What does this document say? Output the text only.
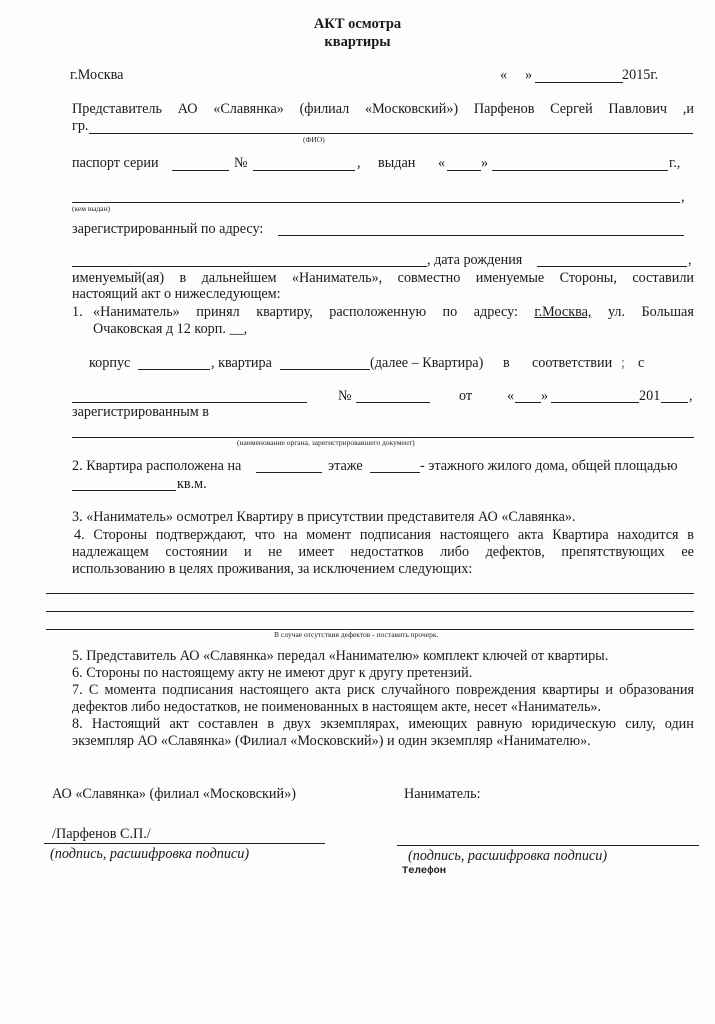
АКТ осмотра
квартиры
г.Москва	« »	2015г.
Представитель АО «Славянка» (филиал «Московский») Парфенов Сергей Павлович ,и
гр.
(ФИО)
паспорт серии	№	, выдан «	»	г.,
,
(кем выдан)
зарегистрированный по адресу:
, дата рождения	,
именуемый(ая) в дальнейшем «Наниматель», совместно именуемые Стороны, составили
настоящий акт о нижеследующем:
1. «Наниматель» принял квартиру, расположенную по адресу: г.Москва, ул. Большая
Очаковская д 12 корп. __,
корпус	, квартира	(далее – Квартира) в соответствии ; с
№	от « »	201 ,
зарегистрированным в
(наименование органа, зарегистрировавшего документ)
2. Квартира расположена на	этаже	- этажного жилого дома, общей площадью
кв.м.
3. «Наниматель» осмотрел Квартиру в присутствии представителя АО «Славянка».
4. Стороны подтверждают, что на момент подписания настоящего акта Квартира находится в
надлежащем состоянии и не имеет недостатков либо дефектов, препятствующих ее
использованию в целях проживания, за исключением следующих:
В случае отсутствия дефектов - поставить прочерк.
5. Представитель АО «Славянка» передал «Нанимателю» комплект ключей от квартиры.
6. Стороны по настоящему акту не имеют друг к другу претензий.
7. С момента подписания настоящего акта риск случайного повреждения квартиры и образования
дефектов либо недостатков, не поименованных в настоящем акте, несет «Наниматель».
8. Настоящий акт составлен в двух экземплярах, имеющих равную юридическую силу, один
экземпляр АО «Славянка» (Филиал «Московский») и один экземпляр «Нанимателю».
АО «Славянка» (филиал «Московский»)	Наниматель:
/Парфенов С.П./
(подпись, расшифровка подписи)	(подпись, расшифровка подписи)
Телефон
